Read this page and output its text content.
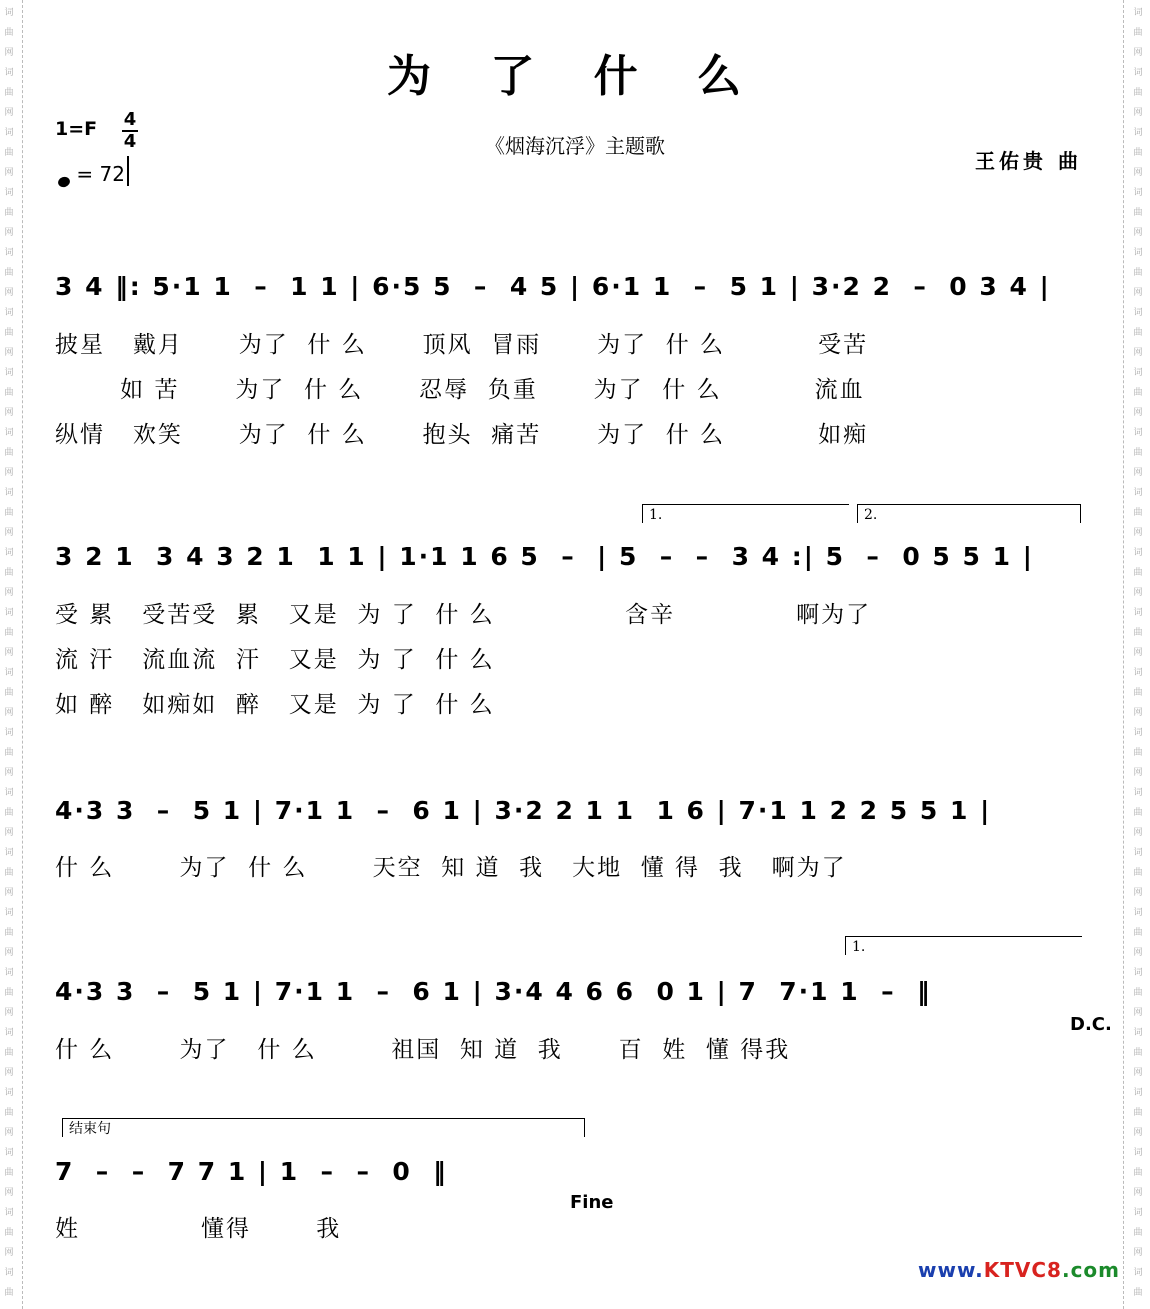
词
曲
网
词
曲
网
词
曲
网
词
曲
网
词
曲
网
词
曲
网
词
曲
网
词
曲
网
词
曲
网
词
曲
网
词
曲
网
词
曲
网
词
曲
网
词
曲
网
词
曲
网
词
曲
网
词
曲
网
词
曲
网
词
曲
网
词
曲
网
词
曲
网
词
曲
词
曲
网
词
曲
网
词
曲
网
词
曲
网
词
曲
网
词
曲
网
词
曲
网
词
曲
网
词
曲
网
词
曲
网
词
曲
网
词
曲
网
词
曲
网
词
曲
网
词
曲
网
词
曲
网
词
曲
网
词
曲
网
词
曲
网
词
曲
网
词
曲
网
词
曲
为 了 什 么
1=F 4
4
= 72
《烟海沉浮》主题歌
王佑贵 曲
3 4 ‖: 5·1 1  –  1 1 | 6·5 5  –  4 5 | 6·1 1  –  5 1 | 3·2 2  –  0 3 4 |
披星   戴月      为了  什 么      顶风  冒雨      为了  什 么          受苦
如 苦      为了  什 么      忍辱  负重      为了  什 么          流血
纵情   欢笑      为了  什 么      抱头  痛苦      为了  什 么          如痴
1.	2.
3 2 1  3 4 3 2 1  1 1 | 1·1 1 6 5  –  | 5  –  –  3 4 :| 5  –  0 5 5 1 |
受 累   受苦受  累   又是  为 了  什 么              含辛             啊为了
流 汗   流血流  汗   又是  为 了  什 么
如 醉   如痴如  醉   又是  为 了  什 么
4·3 3  –  5 1 | 7·1 1  –  6 1 | 3·2 2 1 1  1 6 | 7·1 1 2 2 5 5 1 |
什 么       为了  什 么       天空  知 道  我   大地  懂 得  我   啊为了
1.
4·3 3  –  5 1 | 7·1 1  –  6 1 | 3·4 4 6 6  0 1 | 7  7·1 1  –  ‖
D.C.
什 么       为了   什 么        祖国  知 道  我      百  姓  懂 得我
结束句
7  –  –  7 7 1 | 1  –  –  0  ‖
Fine
姓             懂得       我
www.KTVC8.com
